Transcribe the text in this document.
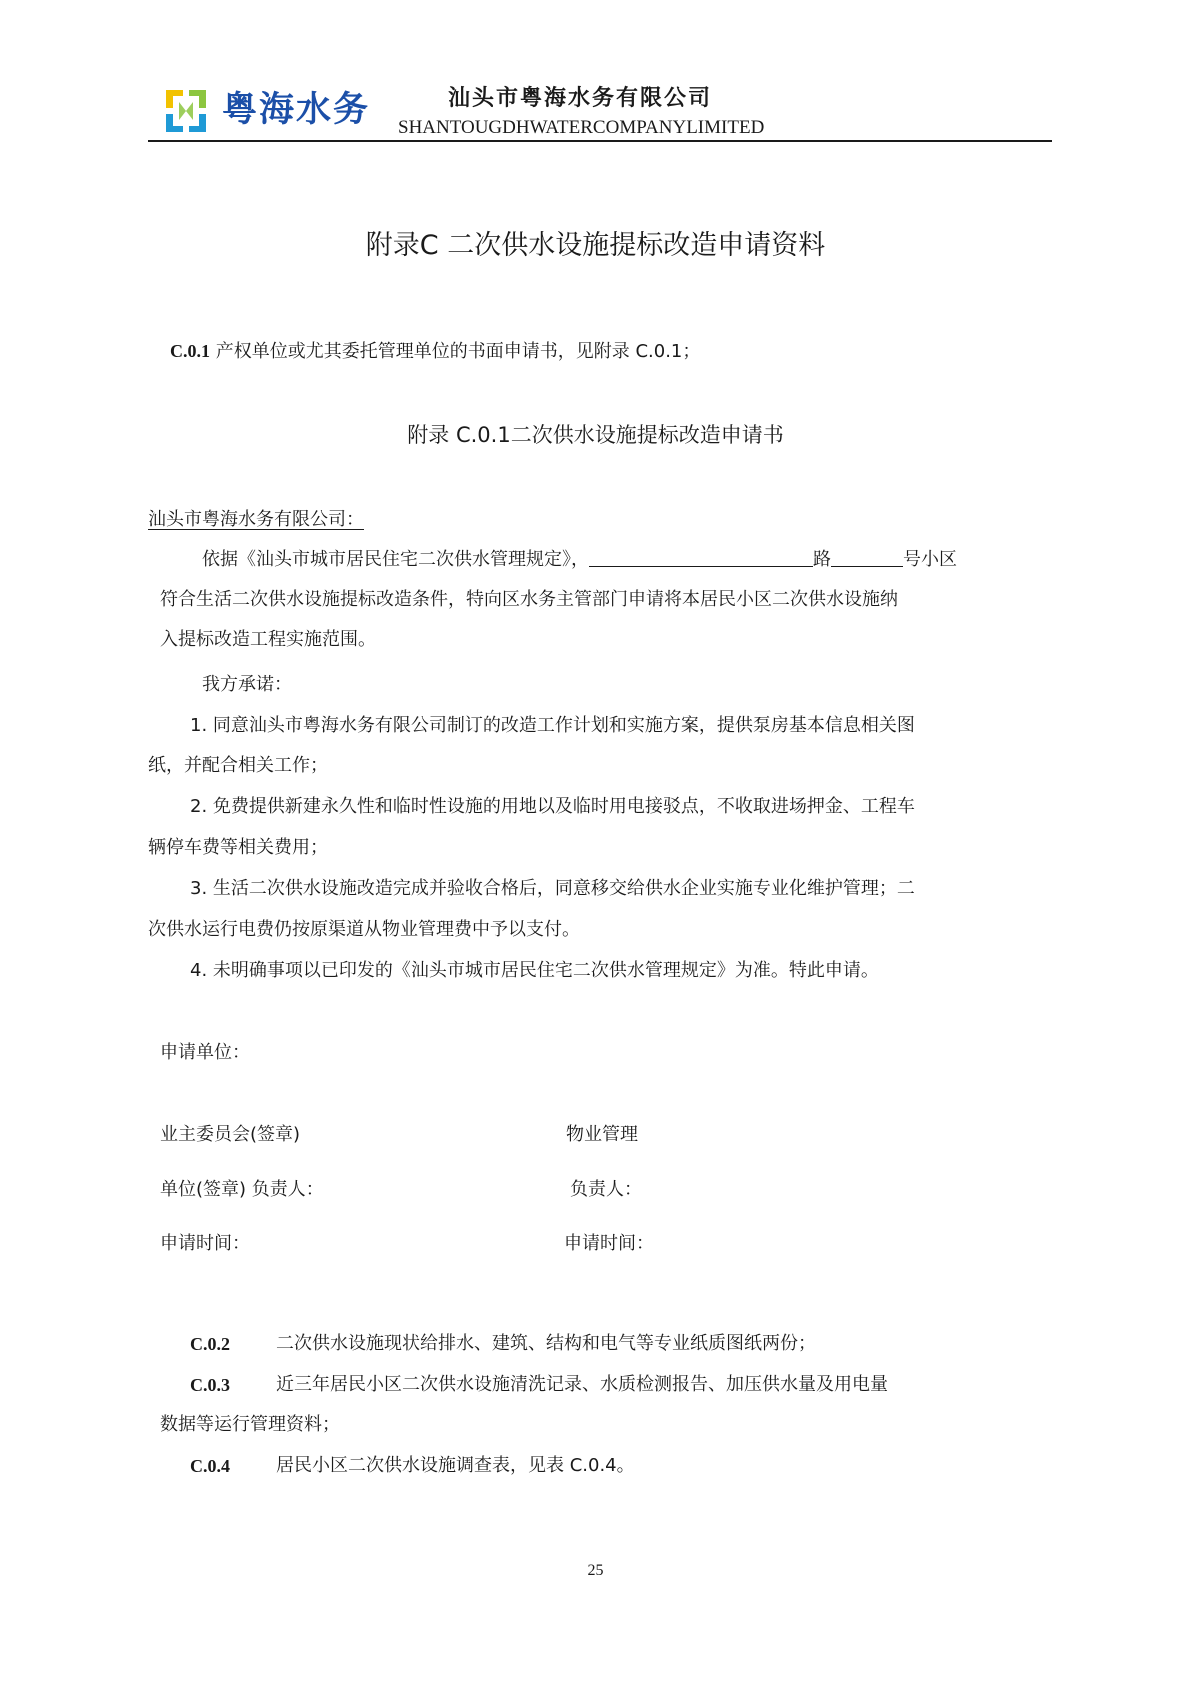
粤海水务	汕头市粤海水务有限公司
SHANTOUGDHWATERCOMPANYLIMITED
附录C 二次供水设施提标改造申请资料
C.0.1 产权单位或尤其委托管理单位的书面申请书，见附录 C.0.1；
附录 C.0.1二次供水设施提标改造申请书
汕头市粤海水务有限公司：
依据《汕头市城市居民住宅二次供水管理规定》，	路	号小区
符合生活二次供水设施提标改造条件，特向区水务主管部门申请将本居民小区二次供水设施纳
入提标改造工程实施范围。
我方承诺：
1. 同意汕头市粤海水务有限公司制订的改造工作计划和实施方案，提供泵房基本信息相关图
纸，并配合相关工作；
2. 免费提供新建永久性和临时性设施的用地以及临时用电接驳点，不收取进场押金、工程车
辆停车费等相关费用；
3. 生活二次供水设施改造完成并验收合格后，同意移交给供水企业实施专业化维护管理；二
次供水运行电费仍按原渠道从物业管理费中予以支付。
4. 未明确事项以已印发的《汕头市城市居民住宅二次供水管理规定》为准。特此申请。
申请单位：
业主委员会(签章)	物业管理
单位(签章) 负责人：	负责人：
申请时间：	申请时间：
C.0.2	二次供水设施现状给排水、建筑、结构和电气等专业纸质图纸两份；
C.0.3	近三年居民小区二次供水设施清洗记录、水质检测报告、加压供水量及用电量
数据等运行管理资料；
C.0.4	居民小区二次供水设施调查表，见表 C.0.4。
25
